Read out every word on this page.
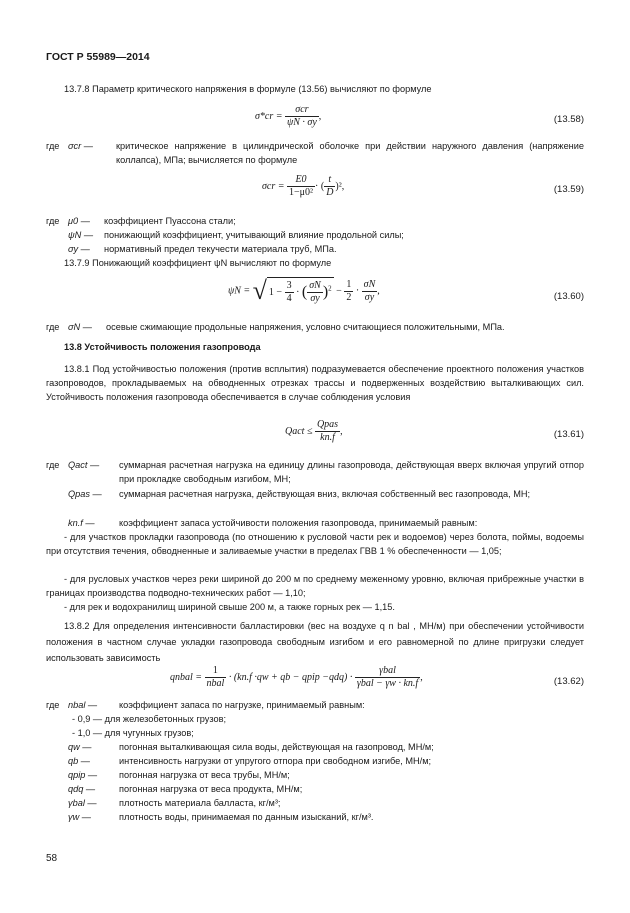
ГОСТ Р 55989—2014

13.7.8 Параметр критического напряжения в формуле (13.56) вычисляют по формуле

$\sigma*cr = \frac{\text{σcr}}{\psi N \cdot \sigma y}$ ,	(13.58)
где σcr —	критическое напряжение в цилиндрической оболочке при действии наружного давления (напряжение коллапса), МПа; вычисляется по формуле
$\sigma cr = \frac{E0}{\text{1−μ0²}}$ · ( $\frac{t}{D} )^2$,	(13.59)
где μ0 — коэффициент Пуассона стали;
ψN — понижающий коэффициент, учитывающий влияние продольной силы;
σy — нормативный предел текучести материала труб, МПа.

13.7.9 Понижающий коэффициент ψN вычисляют по формуле

ψN = √ $1 - \frac{3}{4}$ · ( $\frac{\sigma N}{\sigma y} )^2 - \frac{1}{2} \cdot \frac{\sigma N}{\sigma y}$ ,	(13.60)
где σN — осевые сжимающие продольные напряжения, условно считающиеся положительными, МПа.
13.8 Устойчивость положения газопровода

13.8.1 Под устойчивостью положения (против всплытия) подразумевается обеспечение проектного положения участков газопроводов, прокладываемых на обводненных отрезках трассы и подверженных воздействию выталкивающих сил. Устойчивость положения газопровода обеспечивается в случае соблюдения условия

Qact ≤ $\frac{\text{Qpas}}{kn.f}$ ,	(13.61)
где Qact — суммарная расчетная нагрузка на единицу длины газопровода, действующая вверх включая упругий отпор при прокладке свободным изгибом, МН;
Qpas — суммарная расчетная нагрузка, действующая вниз, включая собственный вес газопровода, МН;
kn.f —	коэффициент запаса устойчивости положения газопровода, принимаемый равным:

- для участков прокладки газопровода (по отношению к русловой части рек и водоемов) через болота, поймы, водоемы при отсутствия течения, обводненные и заливаемые участки в пределах ГВВ 1 % обеспеченности — 1,05;

- для русловых участков через реки шириной до 200 м по среднему меженному уровню, включая прибрежные участки в границах производства подводно-технических работ — 1,10;

- для рек и водохранилищ шириной свыше 200 м, а также горных рек — 1,15.

13.8.2 Для определения интенсивности балластировки (вес на воздухе q n bal , МН/м) при обеспечении устойчивости положения в частном случае укладки газопровода свободным изгибом и его равномерной по длине пригрузки следует использовать зависимость

qnbal = $\frac{1}{\text{nbal}} \cdot (kn.f \cdot qw$ + qb − qpip $-qdq) \cdot \frac{\text{γbal}}{\text{γbal − γw · kn.f}}$ ,	(13.62)
где nbal — коэффициент запаса по нагрузке, принимаемый равным:

- 0,9 — для железобетонных грузов;

- 1,0 — для чугунных грузов;

qw —	погонная выталкивающая сила воды, действующая на газопровод, МН/м;
qb —	интенсивность нагрузки от упругого отпора при свободном изгибе, МН/м;
qpip — погонная нагрузка от веса трубы, МН/м;
qdq —	погонная нагрузка от веса продукта, МН/м;
γbal — плотность материала балласта, кг/м³;
γw —	плотность воды, принимаемая по данным изысканий, кг/м³.
58
